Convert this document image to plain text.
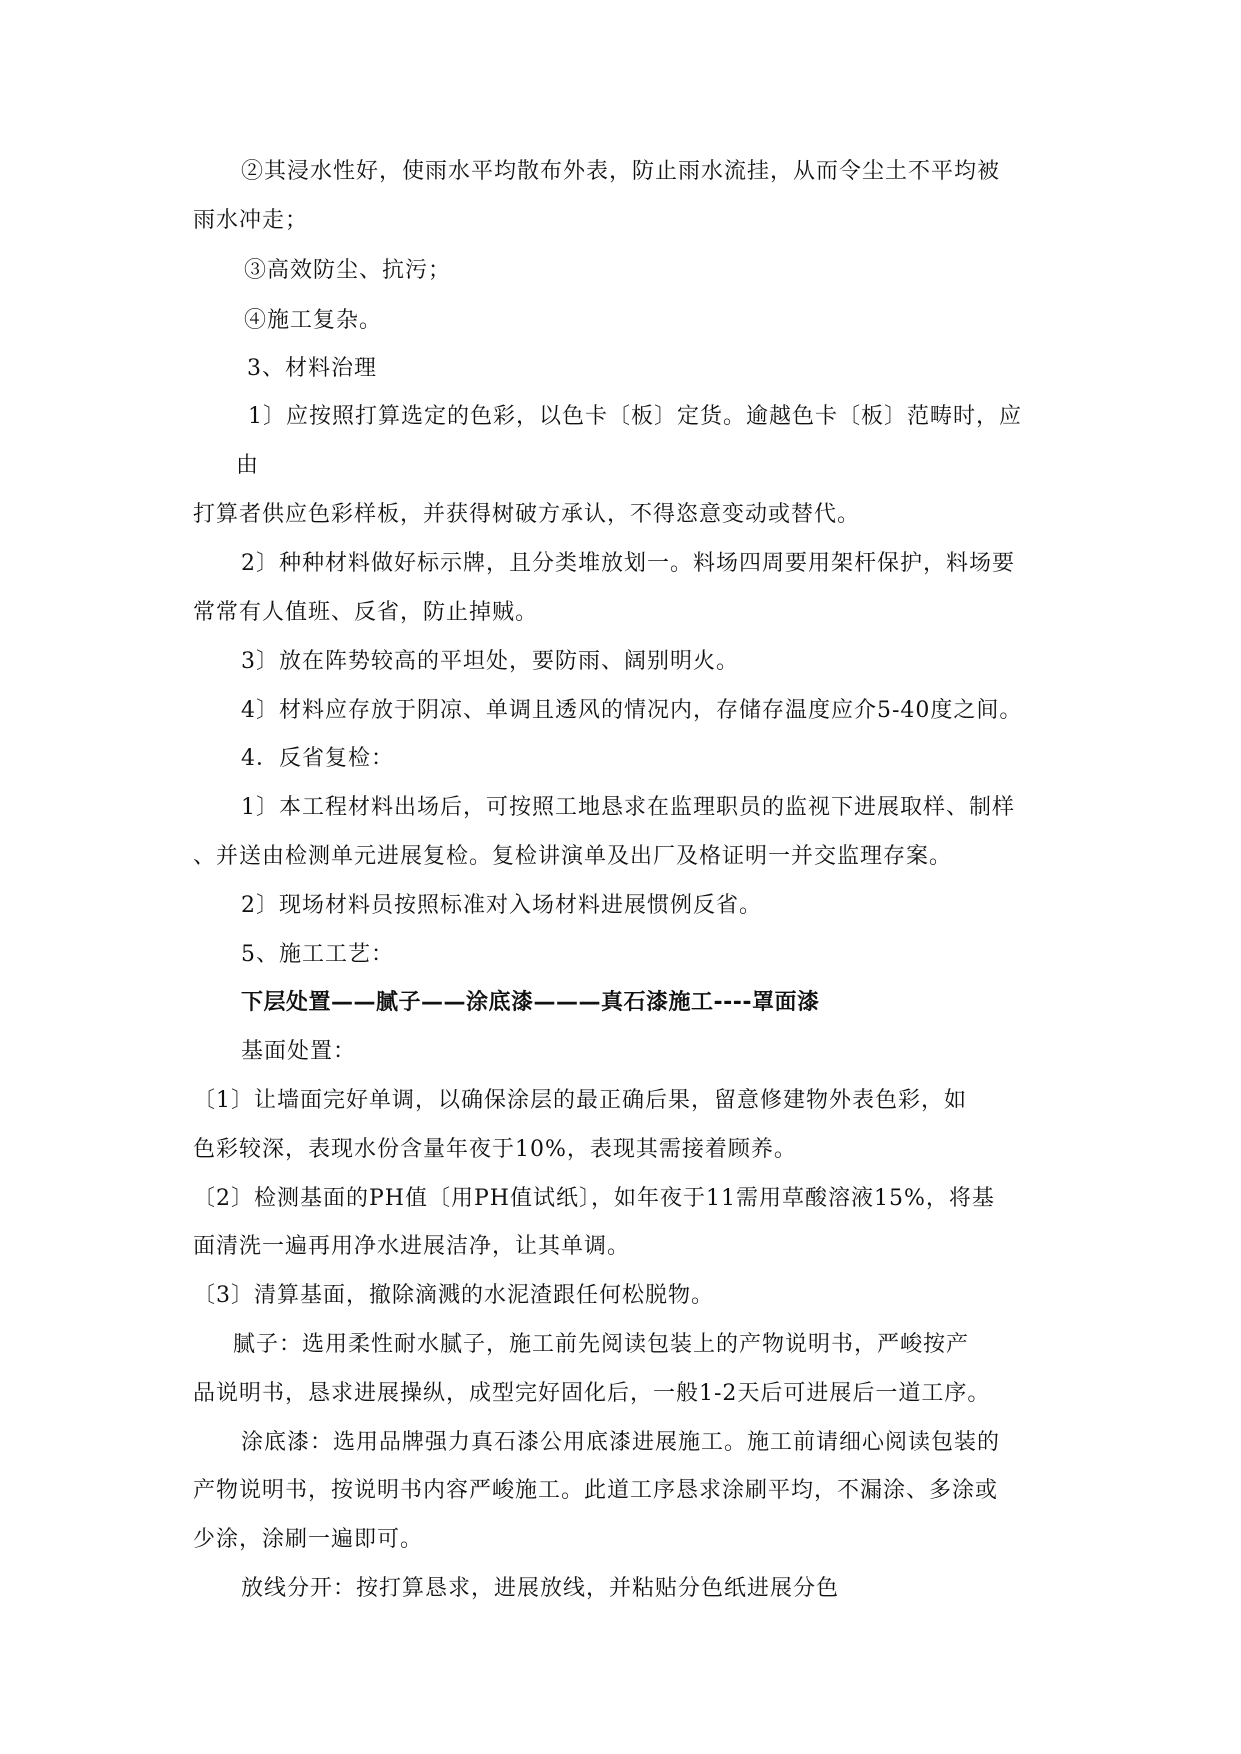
②其浸水性好，使雨水平均散布外表，防止雨水流挂，从而令尘土不平均被
雨水冲走；
③高效防尘、抗污；
④施工复杂。
3、材料治理
1〕应按照打算选定的色彩，以色卡〔板〕定货。逾越色卡〔板〕范畴时，应
由
打算者供应色彩样板，并获得树破方承认，不得恣意变动或替代。
2〕种种材料做好标示牌，且分类堆放划一。料场四周要用架杆保护，料场要
常常有人值班、反省，防止掉贼。
3〕放在阵势较高的平坦处，要防雨、阔别明火。
4〕材料应存放于阴凉、单调且透风的情况内，存储存温度应介5-40度之间。
4．反省复检：
1〕本工程材料出场后，可按照工地恳求在监理职员的监视下进展取样、制样
、并送由检测单元进展复检。复检讲演单及出厂及格证明一并交监理存案。
2〕现场材料员按照标准对入场材料进展惯例反省。
5、施工工艺：
下层处置——腻子——涂底漆———真石漆施工----罩面漆
基面处置：
〔1〕让墙面完好单调，以确保涂层的最正确后果，留意修建物外表色彩，如
色彩较深，表现水份含量年夜于10%，表现其需接着顾养。
〔2〕检测基面的PH值〔用PH值试纸〕，如年夜于11需用草酸溶液15%，将基
面清洗一遍再用净水进展洁净，让其单调。
〔3〕清算基面，撤除滴溅的水泥渣跟任何松脱物。
腻子：选用柔性耐水腻子，施工前先阅读包装上的产物说明书，严峻按产
品说明书，恳求进展操纵，成型完好固化后，一般1-2天后可进展后一道工序。
涂底漆：选用品牌强力真石漆公用底漆进展施工。施工前请细心阅读包装的
产物说明书，按说明书内容严峻施工。此道工序恳求涂刷平均，不漏涂、多涂或
少涂，涂刷一遍即可。
放线分开：按打算恳求，进展放线，并粘贴分色纸进展分色
